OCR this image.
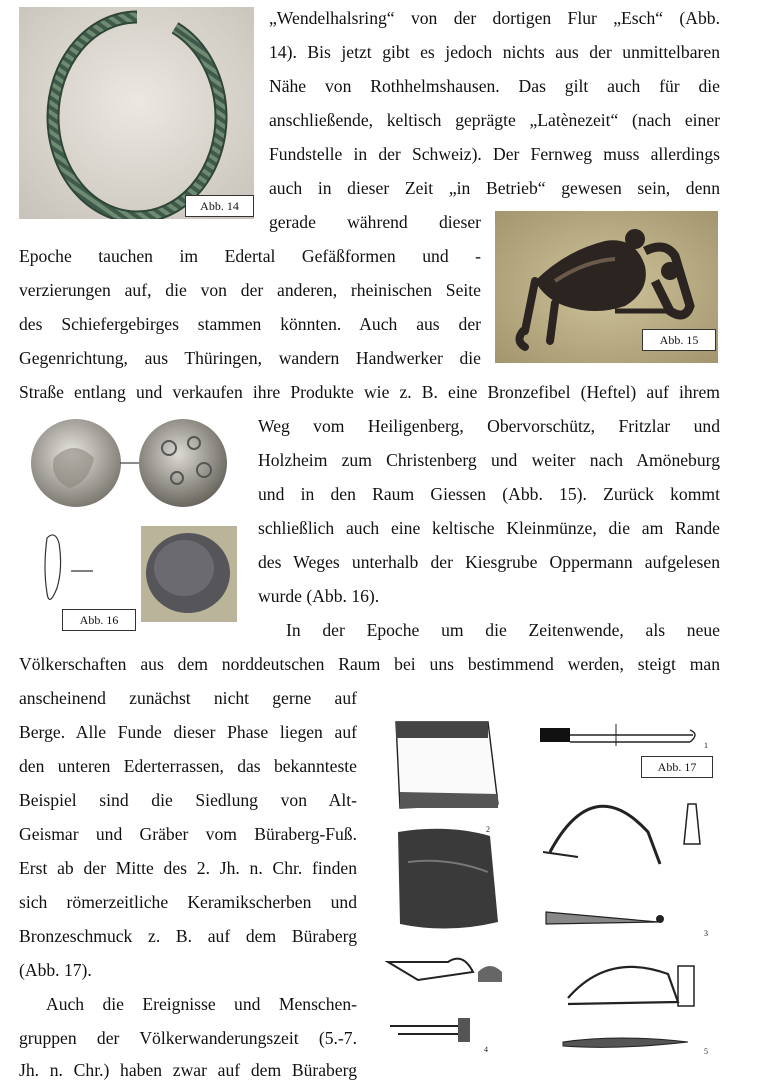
Abb. 14
Abb. 15
Abb. 16
1
2
3
4	5
Abb. 17
„Wendelhalsring“ von der dortigen Flur „Esch“ (Abb.
14). Bis jetzt gibt es jedoch nichts aus der unmittelbaren
Nähe von Rothhelmshausen. Das gilt auch für die
anschließende, keltisch geprägte „Latènezeit“ (nach einer
Fundstelle in der Schweiz). Der Fernweg muss allerdings
auch in dieser Zeit „in Betrieb“ gewesen sein, denn
gerade während dieser
Epoche tauchen im Edertal Gefäßformen und -
verzierungen auf, die von der anderen, rheinischen Seite
des Schiefergebirges stammen könnten. Auch aus der
Gegenrichtung, aus Thüringen, wandern Handwerker die
Straße entlang und verkaufen ihre Produkte wie z. B. eine Bronzefibel (Heftel) auf ihrem
Weg vom Heiligenberg, Obervorschütz, Fritzlar und
Holzheim zum Christenberg und weiter nach Amöneburg
und in den Raum Giessen (Abb. 15). Zurück kommt
schließlich auch eine keltische Kleinmünze, die am Rande
des Weges unterhalb der Kiesgrube Oppermann aufgelesen
wurde (Abb. 16).
In der Epoche um die Zeitenwende, als neue
Völkerschaften aus dem norddeutschen Raum bei uns bestimmend werden, steigt man
anscheinend zunächst nicht gerne auf
Berge. Alle Funde dieser Phase liegen auf
den unteren Ederterrassen, das bekannteste
Beispiel sind die Siedlung von Alt-
Geismar und Gräber vom Büraberg-Fuß.
Erst ab der Mitte des 2. Jh. n. Chr. finden
sich römerzeitliche Keramikscherben und
Bronzeschmuck z. B. auf dem Büraberg
(Abb. 17).
Auch die Ereignisse und Menschen-
gruppen der Völkerwanderungszeit (5.-7.
Jh. n. Chr.) haben zwar auf dem Büraberg
